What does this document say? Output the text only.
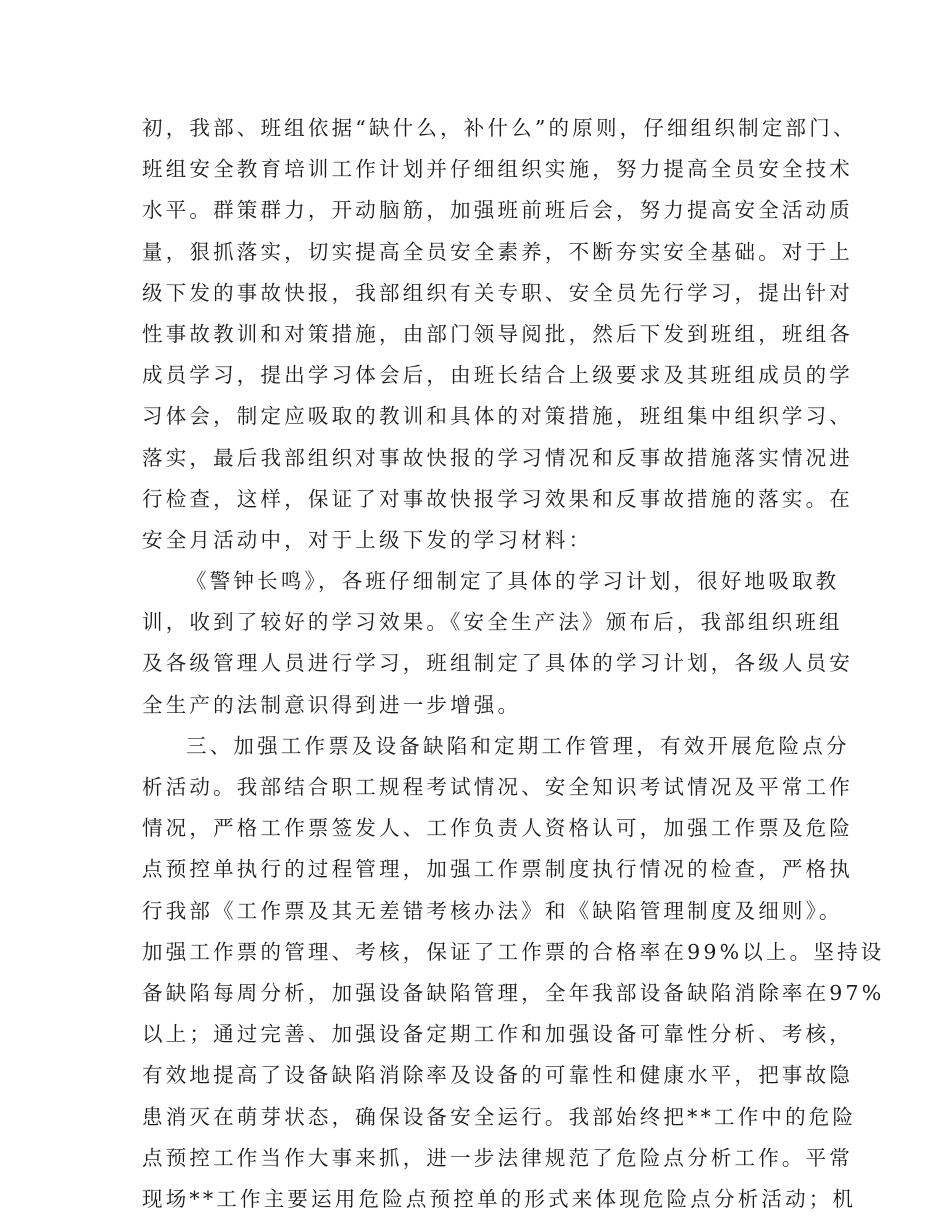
初，我部、班组依据“缺什么，补什么”的原则，仔细组织制定部门、
班组安全教育培训工作计划并仔细组织实施，努力提高全员安全技术
水平。群策群力，开动脑筋，加强班前班后会，努力提高安全活动质
量，狠抓落实，切实提高全员安全素养，不断夯实安全基础。对于上
级下发的事故快报，我部组织有关专职、安全员先行学习，提出针对
性事故教训和对策措施，由部门领导阅批，然后下发到班组，班组各
成员学习，提出学习体会后，由班长结合上级要求及其班组成员的学
习体会，制定应吸取的教训和具体的对策措施，班组集中组织学习、
落实，最后我部组织对事故快报的学习情况和反事故措施落实情况进
行检查，这样，保证了对事故快报学习效果和反事故措施的落实。在
安全月活动中，对于上级下发的学习材料：
《警钟长鸣》，各班仔细制定了具体的学习计划，很好地吸取教
训，收到了较好的学习效果。《安全生产法》颁布后，我部组织班组
及各级管理人员进行学习，班组制定了具体的学习计划，各级人员安
全生产的法制意识得到进一步增强。
三、加强工作票及设备缺陷和定期工作管理，有效开展危险点分
析活动。我部结合职工规程考试情况、安全知识考试情况及平常工作
情况，严格工作票签发人、工作负责人资格认可，加强工作票及危险
点预控单执行的过程管理，加强工作票制度执行情况的检查，严格执
行我部《工作票及其无差错考核办法》和《缺陷管理制度及细则》。
加强工作票的管理、考核，保证了工作票的合格率在99%以上。坚持设
备缺陷每周分析，加强设备缺陷管理，全年我部设备缺陷消除率在97%
以上；通过完善、加强设备定期工作和加强设备可靠性分析、考核，
有效地提高了设备缺陷消除率及设备的可靠性和健康水平，把事故隐
患消灭在萌芽状态，确保设备安全运行。我部始终把**工作中的危险
点预控工作当作大事来抓，进一步法律规范了危险点分析工作。平常
现场**工作主要运用危险点预控单的形式来体现危险点分析活动；机
